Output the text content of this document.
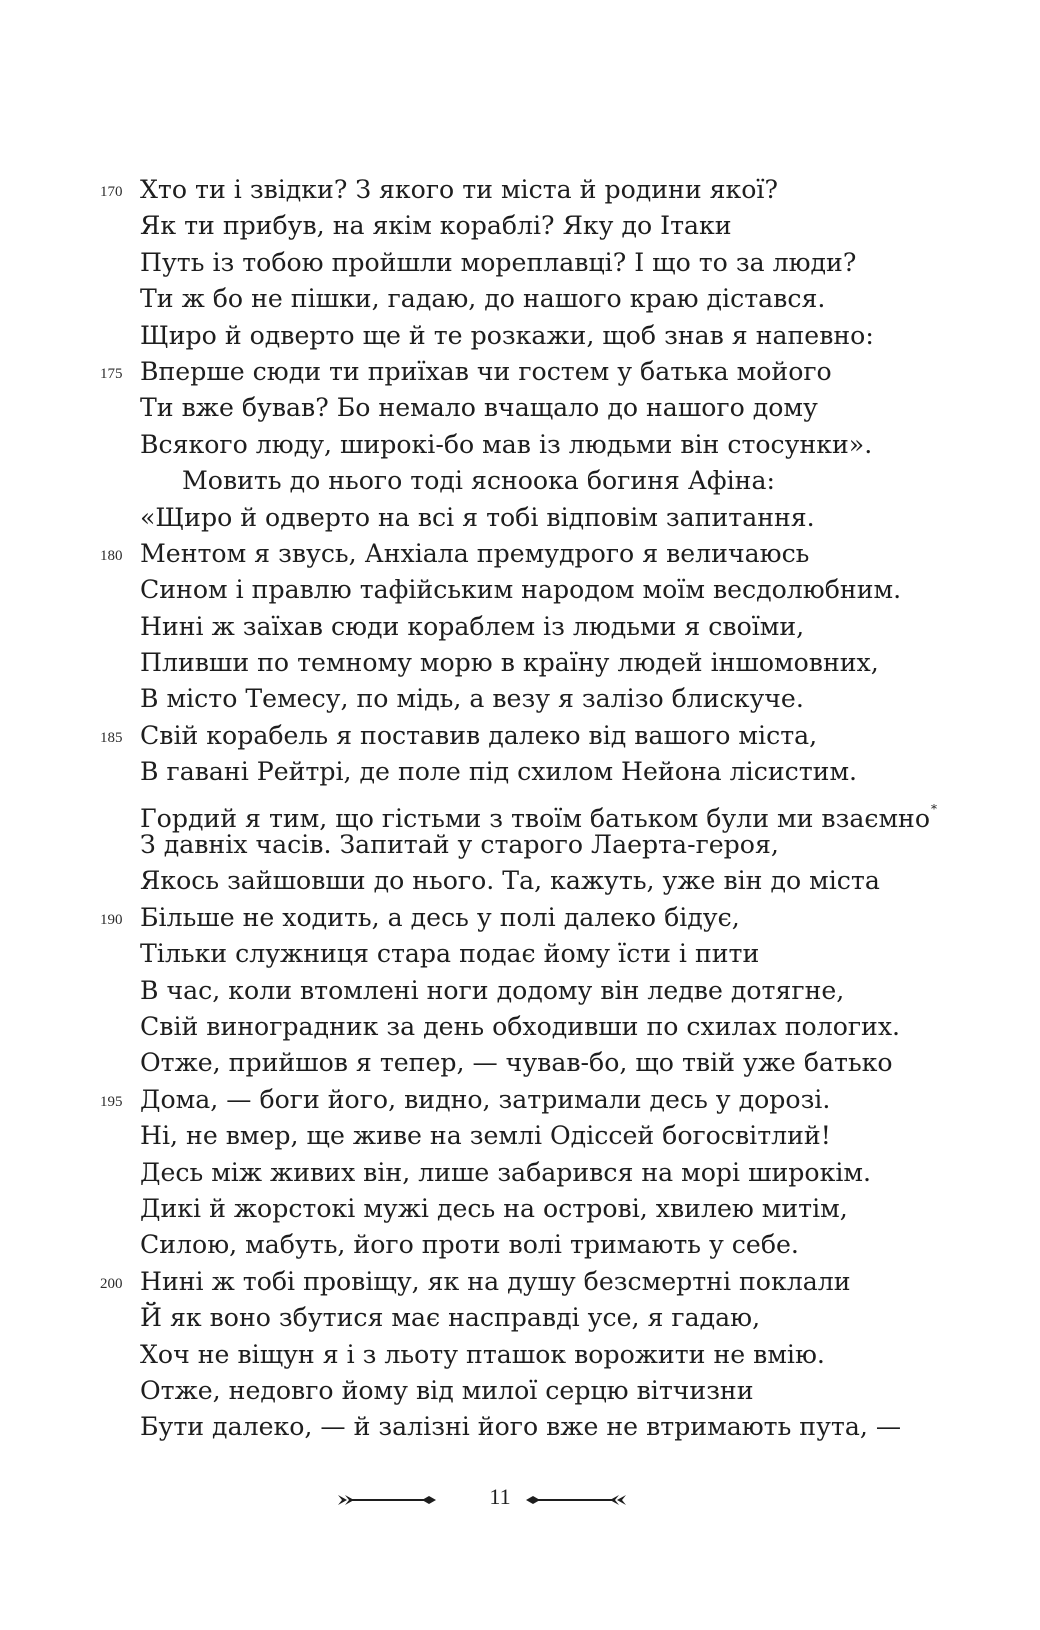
170 Хто ти і звідки? З якого ти міста й родини якої?
Як ти прибув, на якім кораблі? Яку до Ітаки
Путь із тобою пройшли мореплавці? І що то за люди?
Ти ж бо не пішки, гадаю, до нашого краю дістався.
Щиро й одверто ще й те розкажи, щоб знав я напевно:
175 Вперше сюди ти приїхав чи гостем у батька мойого
Ти вже бував? Бо немало вчащало до нашого дому
Всякого люду, широкі-бо мав із людьми він стосунки».
Мовить до нього тоді ясноока богиня Афіна:
«Щиро й одверто на всі я тобі відповім запитання.
180 Ментом я звусь, Анхіала премудрого я величаюсь
Сином і правлю тафійським народом моїм весдолюбним.
Нині ж заїхав сюди кораблем із людьми я своїми,
Пливши по темному морю в країну людей іншомовних,
В місто Темесу, по мідь, а везу я залізо блискуче.
185 Свій корабель я поставив далеко від вашого міста,
В гавані Рейтрі, де поле під схилом Нейона лісистим.
Гордий я тим, що гістьми з твоїм батьком були ми взаємно*
З давніх часів. Запитай у старого Лаерта-героя,
Якось зайшовши до нього. Та, кажуть, уже він до міста
190 Більше не ходить, а десь у полі далеко бідує,
Тільки служниця стара подає йому їсти і пити
В час, коли втомлені ноги додому він ледве дотягне,
Свій виноградник за день обходивши по схилах пологих.
Отже, прийшов я тепер, — чував-бо, що твій уже батько
195 Дома, — боги його, видно, затримали десь у дорозі.
Ні, не вмер, ще живе на землі Одіссей богосвітлий!
Десь між живих він, лише забарився на морі широкім.
Дикі й жорстокі мужі десь на острові, хвилею митім,
Силою, мабуть, його проти волі тримають у себе.
200 Нині ж тобі провіщу, як на душу безсмертні поклали
Й як воно збутися має насправді усе, я гадаю,
Хоч не віщун я і з льоту пташок ворожити не вмію.
Отже, недовго йому від милої серцю вітчизни
Бути далеко, — й залізні його вже не втримають пута, —
11
